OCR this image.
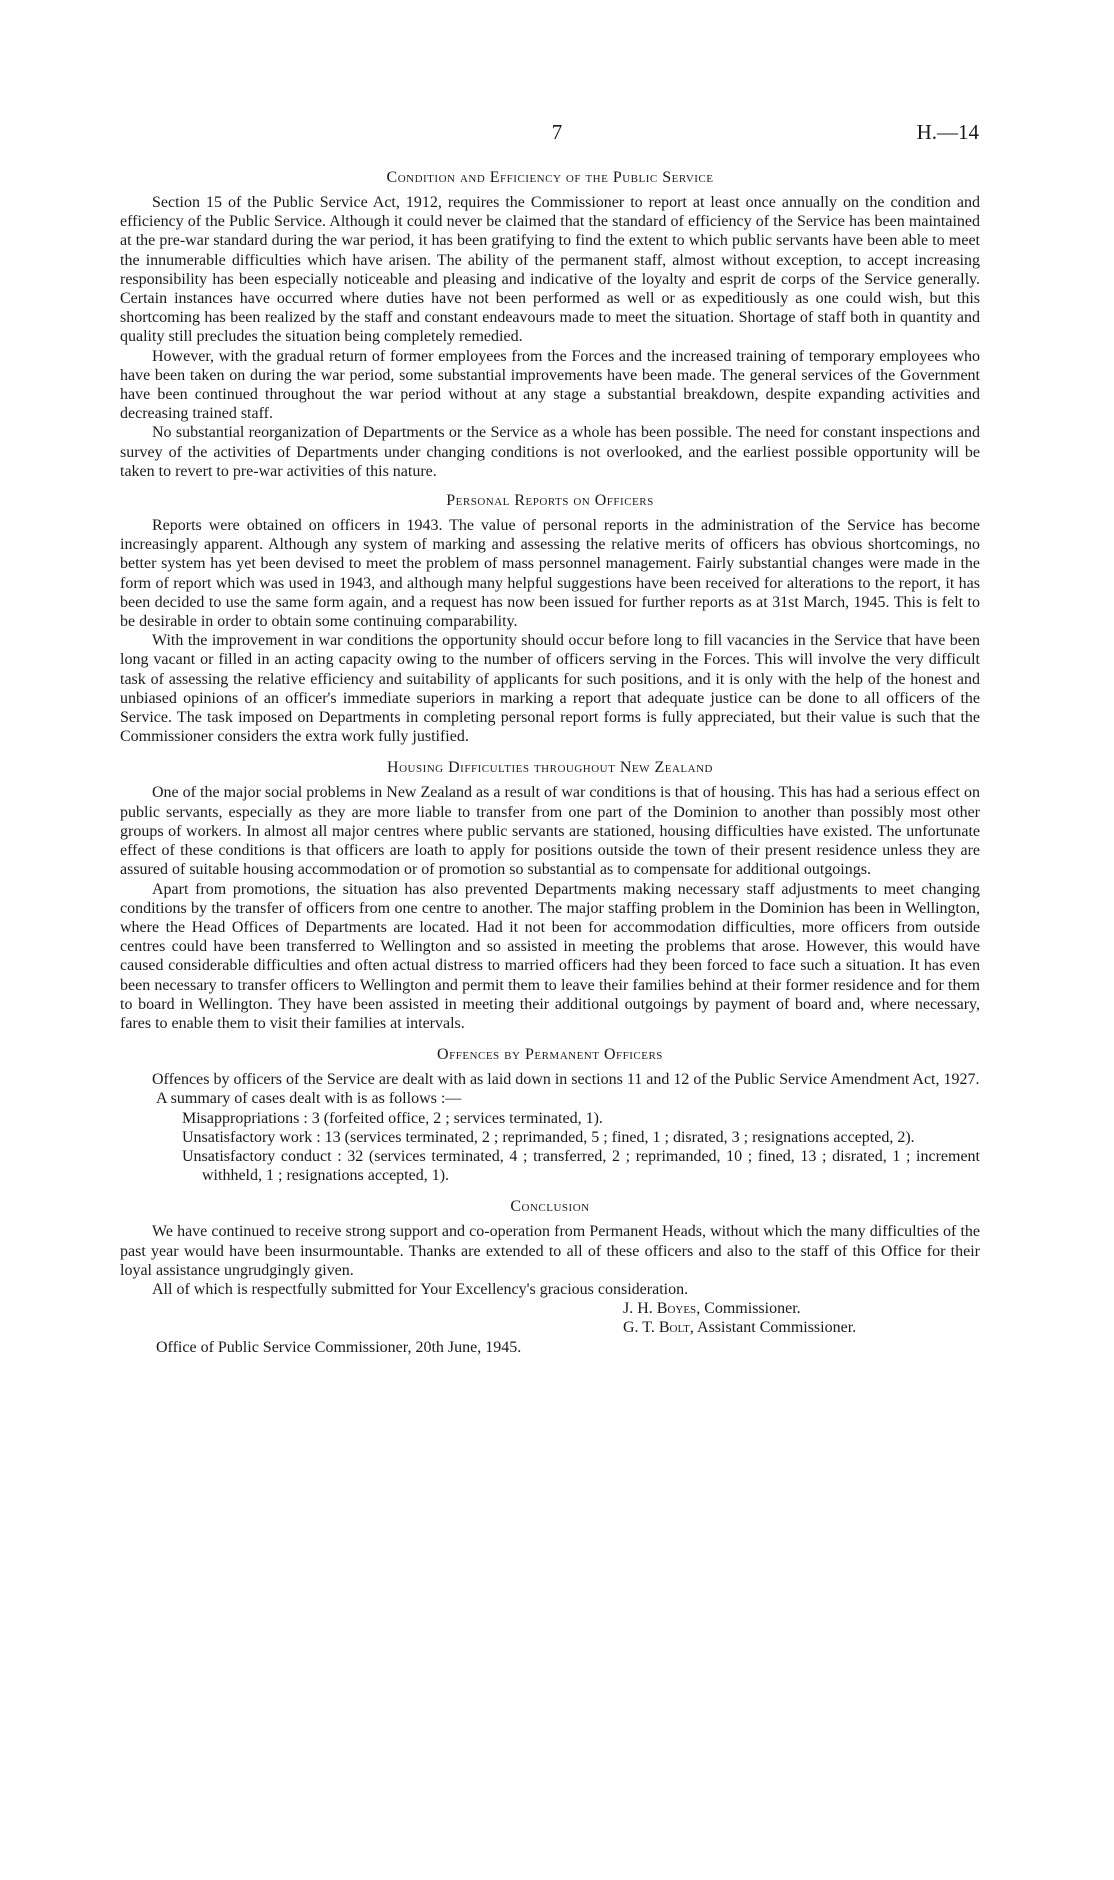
7	H.—14
Condition and Efficiency of the Public Service

Section 15 of the Public Service Act, 1912, requires the Commissioner to report at least once annually on the condition and efficiency of the Public Service. Although it could never be claimed that the standard of efficiency of the Service has been maintained at the pre-war standard during the war period, it has been gratifying to find the extent to which public servants have been able to meet the innumerable difficulties which have arisen. The ability of the permanent staff, almost without exception, to accept increasing responsibility has been especially noticeable and pleasing and indicative of the loyalty and esprit de corps of the Service generally. Certain instances have occurred where duties have not been performed as well or as expeditiously as one could wish, but this shortcoming has been realized by the staff and constant endeavours made to meet the situation. Shortage of staff both in quantity and quality still precludes the situation being completely remedied.

However, with the gradual return of former employees from the Forces and the increased training of temporary employees who have been taken on during the war period, some substantial improvements have been made. The general services of the Government have been continued throughout the war period without at any stage a substantial breakdown, despite expanding activities and decreasing trained staff.

No substantial reorganization of Departments or the Service as a whole has been possible. The need for constant inspections and survey of the activities of Departments under changing conditions is not overlooked, and the earliest possible opportunity will be taken to revert to pre-war activities of this nature.

Personal Reports on Officers

Reports were obtained on officers in 1943. The value of personal reports in the administration of the Service has become increasingly apparent. Although any system of marking and assessing the relative merits of officers has obvious shortcomings, no better system has yet been devised to meet the problem of mass personnel management. Fairly substantial changes were made in the form of report which was used in 1943, and although many helpful suggestions have been received for alterations to the report, it has been decided to use the same form again, and a request has now been issued for further reports as at 31st March, 1945. This is felt to be desirable in order to obtain some continuing comparability.

With the improvement in war conditions the opportunity should occur before long to fill vacancies in the Service that have been long vacant or filled in an acting capacity owing to the number of officers serving in the Forces. This will involve the very difficult task of assessing the relative efficiency and suitability of applicants for such positions, and it is only with the help of the honest and unbiased opinions of an officer's immediate superiors in marking a report that adequate justice can be done to all officers of the Service. The task imposed on Departments in completing personal report forms is fully appreciated, but their value is such that the Commissioner considers the extra work fully justified.

Housing Difficulties throughout New Zealand

One of the major social problems in New Zealand as a result of war conditions is that of housing. This has had a serious effect on public servants, especially as they are more liable to transfer from one part of the Dominion to another than possibly most other groups of workers. In almost all major centres where public servants are stationed, housing difficulties have existed. The unfortunate effect of these conditions is that officers are loath to apply for positions outside the town of their present residence unless they are assured of suitable housing accommodation or of promotion so substantial as to compensate for additional outgoings.

Apart from promotions, the situation has also prevented Departments making necessary staff adjustments to meet changing conditions by the transfer of officers from one centre to another. The major staffing problem in the Dominion has been in Wellington, where the Head Offices of Departments are located. Had it not been for accommodation difficulties, more officers from outside centres could have been transferred to Wellington and so assisted in meeting the problems that arose. However, this would have caused considerable difficulties and often actual distress to married officers had they been forced to face such a situation. It has even been necessary to transfer officers to Wellington and permit them to leave their families behind at their former residence and for them to board in Wellington. They have been assisted in meeting their additional outgoings by payment of board and, where necessary, fares to enable them to visit their families at intervals.

Offences by Permanent Officers

Offences by officers of the Service are dealt with as laid down in sections 11 and 12 of the Public Service Amendment Act, 1927.

A summary of cases dealt with is as follows :—

Misappropriations : 3 (forfeited office, 2 ; services terminated, 1).

Unsatisfactory work : 13 (services terminated, 2 ; reprimanded, 5 ; fined, 1 ; disrated, 3 ; resignations accepted, 2).

Unsatisfactory conduct : 32 (services terminated, 4 ; transferred, 2 ; reprimanded, 10 ; fined, 13 ; disrated, 1 ; increment withheld, 1 ; resignations accepted, 1).

Conclusion

We have continued to receive strong support and co-operation from Permanent Heads, without which the many difficulties of the past year would have been insurmountable. Thanks are extended to all of these officers and also to the staff of this Office for their loyal assistance ungrudgingly given.

All of which is respectfully submitted for Your Excellency's gracious consideration.

J. H. Boyes, Commissioner.

G. T. Bolt, Assistant Commissioner.

Office of Public Service Commissioner, 20th June, 1945.
